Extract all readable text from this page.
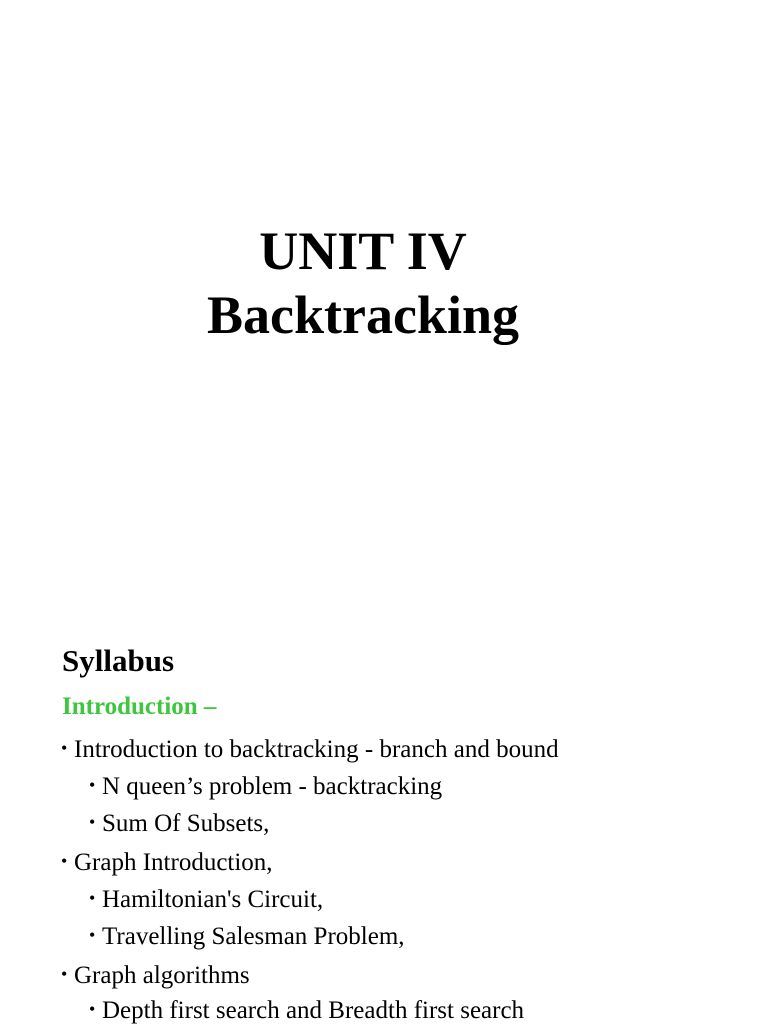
UNIT IV
Backtracking
Syllabus
Introduction –
• Introduction to backtracking - branch and bound
• N queen’s problem - backtracking
• Sum Of Subsets,
• Graph Introduction,
• Hamiltonian's Circuit,
• Travelling Salesman Problem,
• Graph algorithms
• Depth first search and Breadth first search
